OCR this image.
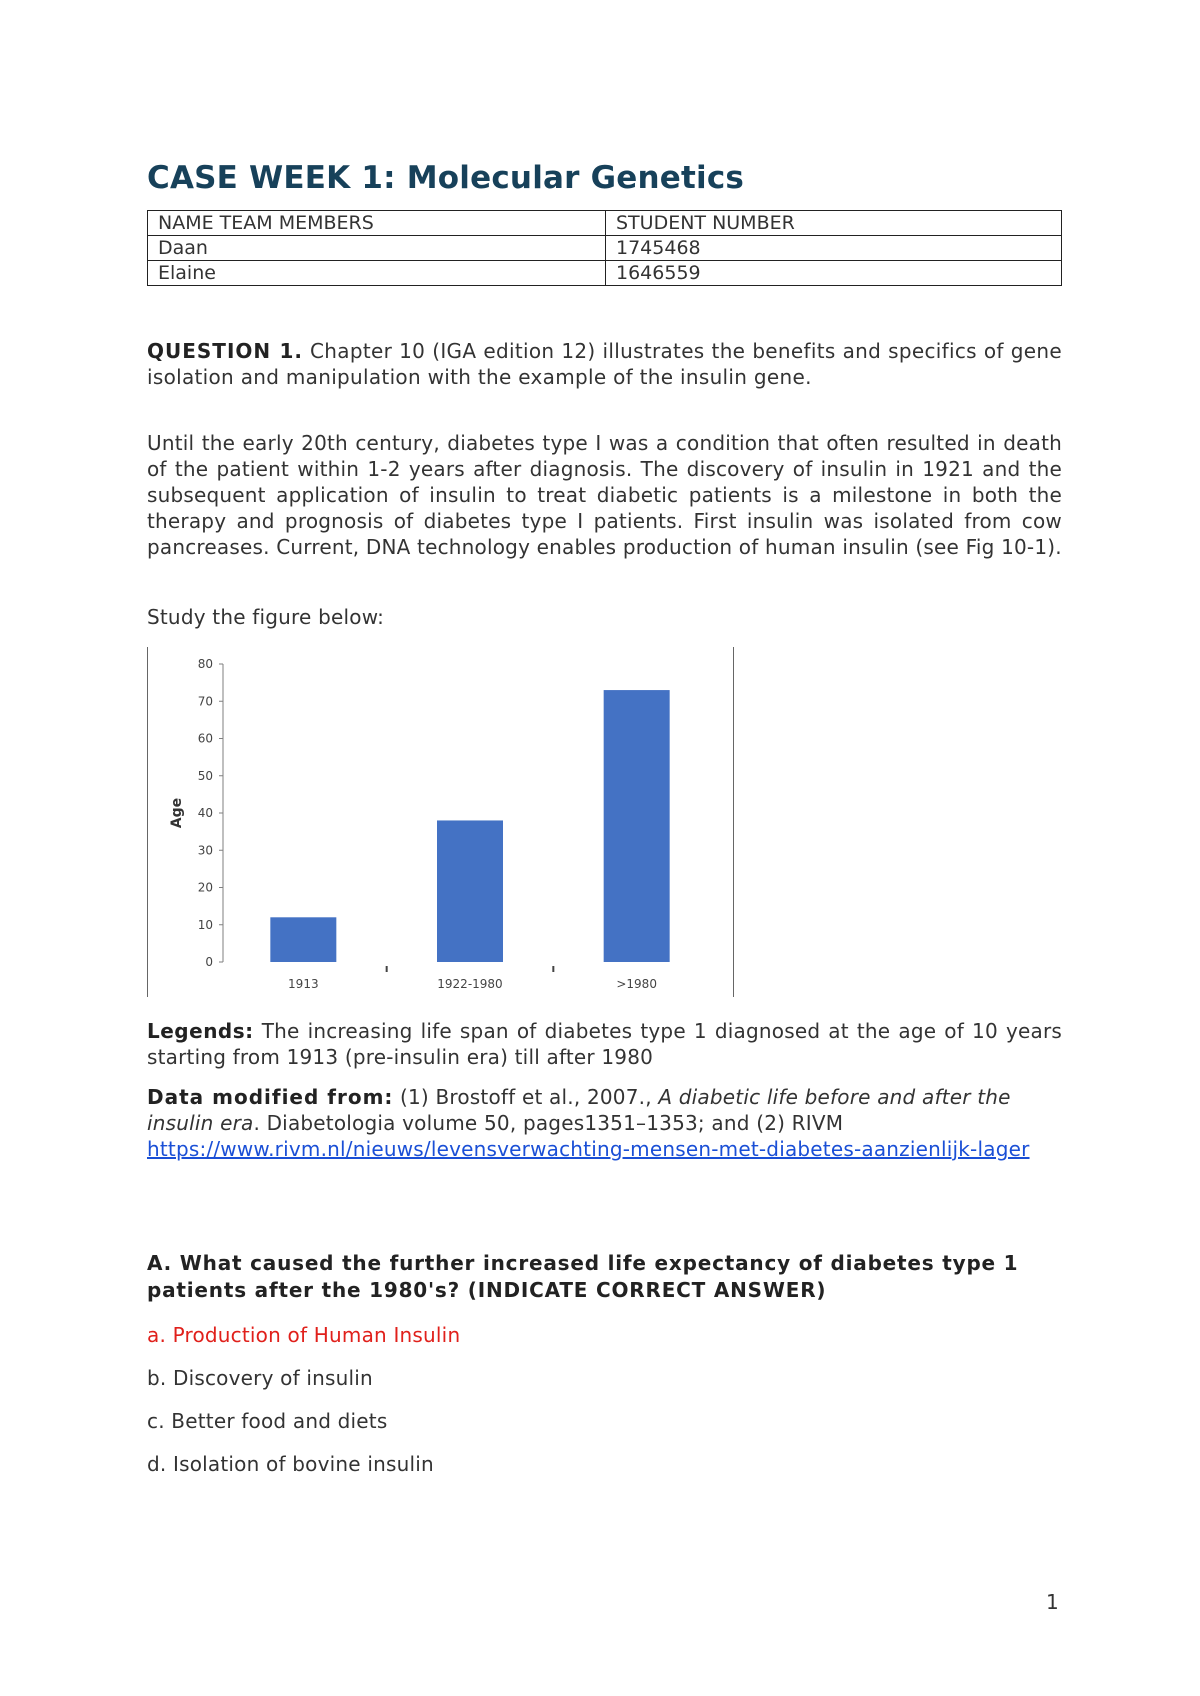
CASE WEEK 1: Molecular Genetics
NAME TEAM MEMBERS	STUDENT NUMBER
Daan	1745468
Elaine	1646559

QUESTION 1. Chapter 10 (IGA edition 12) illustrates the benefits and specifics of gene isolation and manipulation with the example of the insulin gene.

Until the early 20th century, diabetes type I was a condition that often resulted in death of the patient within 1-2 years after diagnosis. The discovery of insulin in 1921 and the subsequent application of insulin to treat diabetic patients is a milestone in both the therapy and prognosis of diabetes type I patients. First insulin was isolated from cow pancreases. Current, DNA technology enables production of human insulin (see Fig 10-1).

Study the figure below:

0
10
20
30
40
50
60
70
80
Age
1913	1922-1980	>1980

Legends: The increasing life span of diabetes type 1 diagnosed at the age of 10 years starting from 1913 (pre-insulin era) till after 1980

Data modified from: (1) Brostoff et al., 2007., A diabetic life before and after the insulin era. Diabetologia volume 50, pages1351–1353; and (2) RIVM
https://www.rivm.nl/nieuws/levensverwachting-mensen-met-diabetes-aanzienlijk-lager

A. What caused the further increased life expectancy of diabetes type 1 patients after the 1980's? (INDICATE CORRECT ANSWER)

a. Production of Human Insulin

b. Discovery of insulin

c. Better food and diets

d. Isolation of bovine insulin

1
